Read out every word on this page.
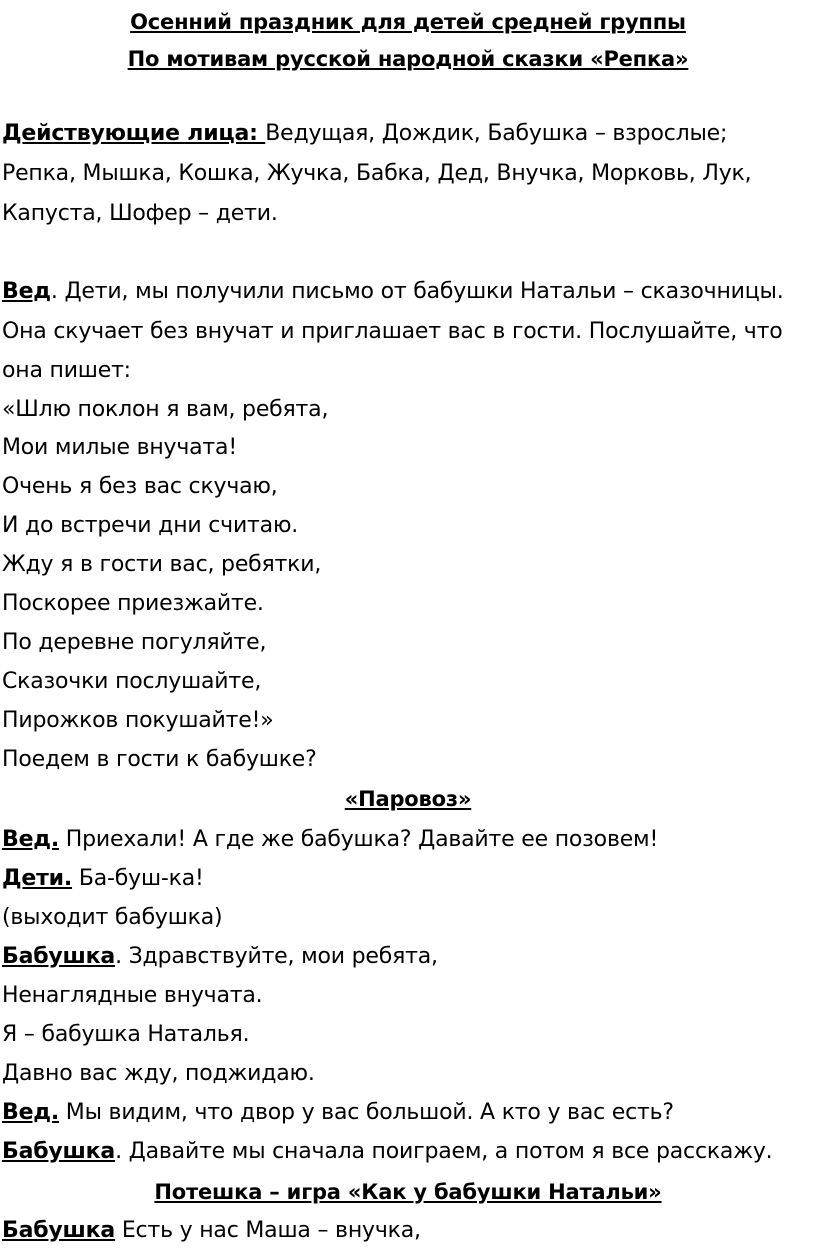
Осенний праздник для детей средней группы
По мотивам русской народной сказки «Репка»
Действующие лица: Ведущая, Дождик, Бабушка – взрослые;
Репка, Мышка, Кошка, Жучка, Бабка, Дед, Внучка, Морковь, Лук,
Капуста, Шофер – дети.
Вед. Дети, мы получили письмо от бабушки Натальи – сказочницы.
Она скучает без внучат и приглашает вас в гости. Послушайте, что
она пишет:
«Шлю поклон я вам, ребята,
Мои милые внучата!
Очень я без вас скучаю,
И до встречи дни считаю.
Жду я в гости вас, ребятки,
Поскорее приезжайте.
По деревне погуляйте,
Сказочки послушайте,
Пирожков покушайте!»
Поедем в гости к бабушке?
«Паровоз»
Вед. Приехали! А где же бабушка? Давайте ее позовем!
Дети. Ба-буш-ка!
(выходит бабушка)
Бабушка. Здравствуйте, мои ребята,
Ненаглядные внучата.
Я – бабушка Наталья.
Давно вас жду, поджидаю.
Вед. Мы видим, что двор у вас большой. А кто у вас есть?
Бабушка. Давайте мы сначала поиграем, а потом я все расскажу.
Потешка – игра «Как у бабушки Натальи»
Бабушка Есть у нас Маша – внучка,
